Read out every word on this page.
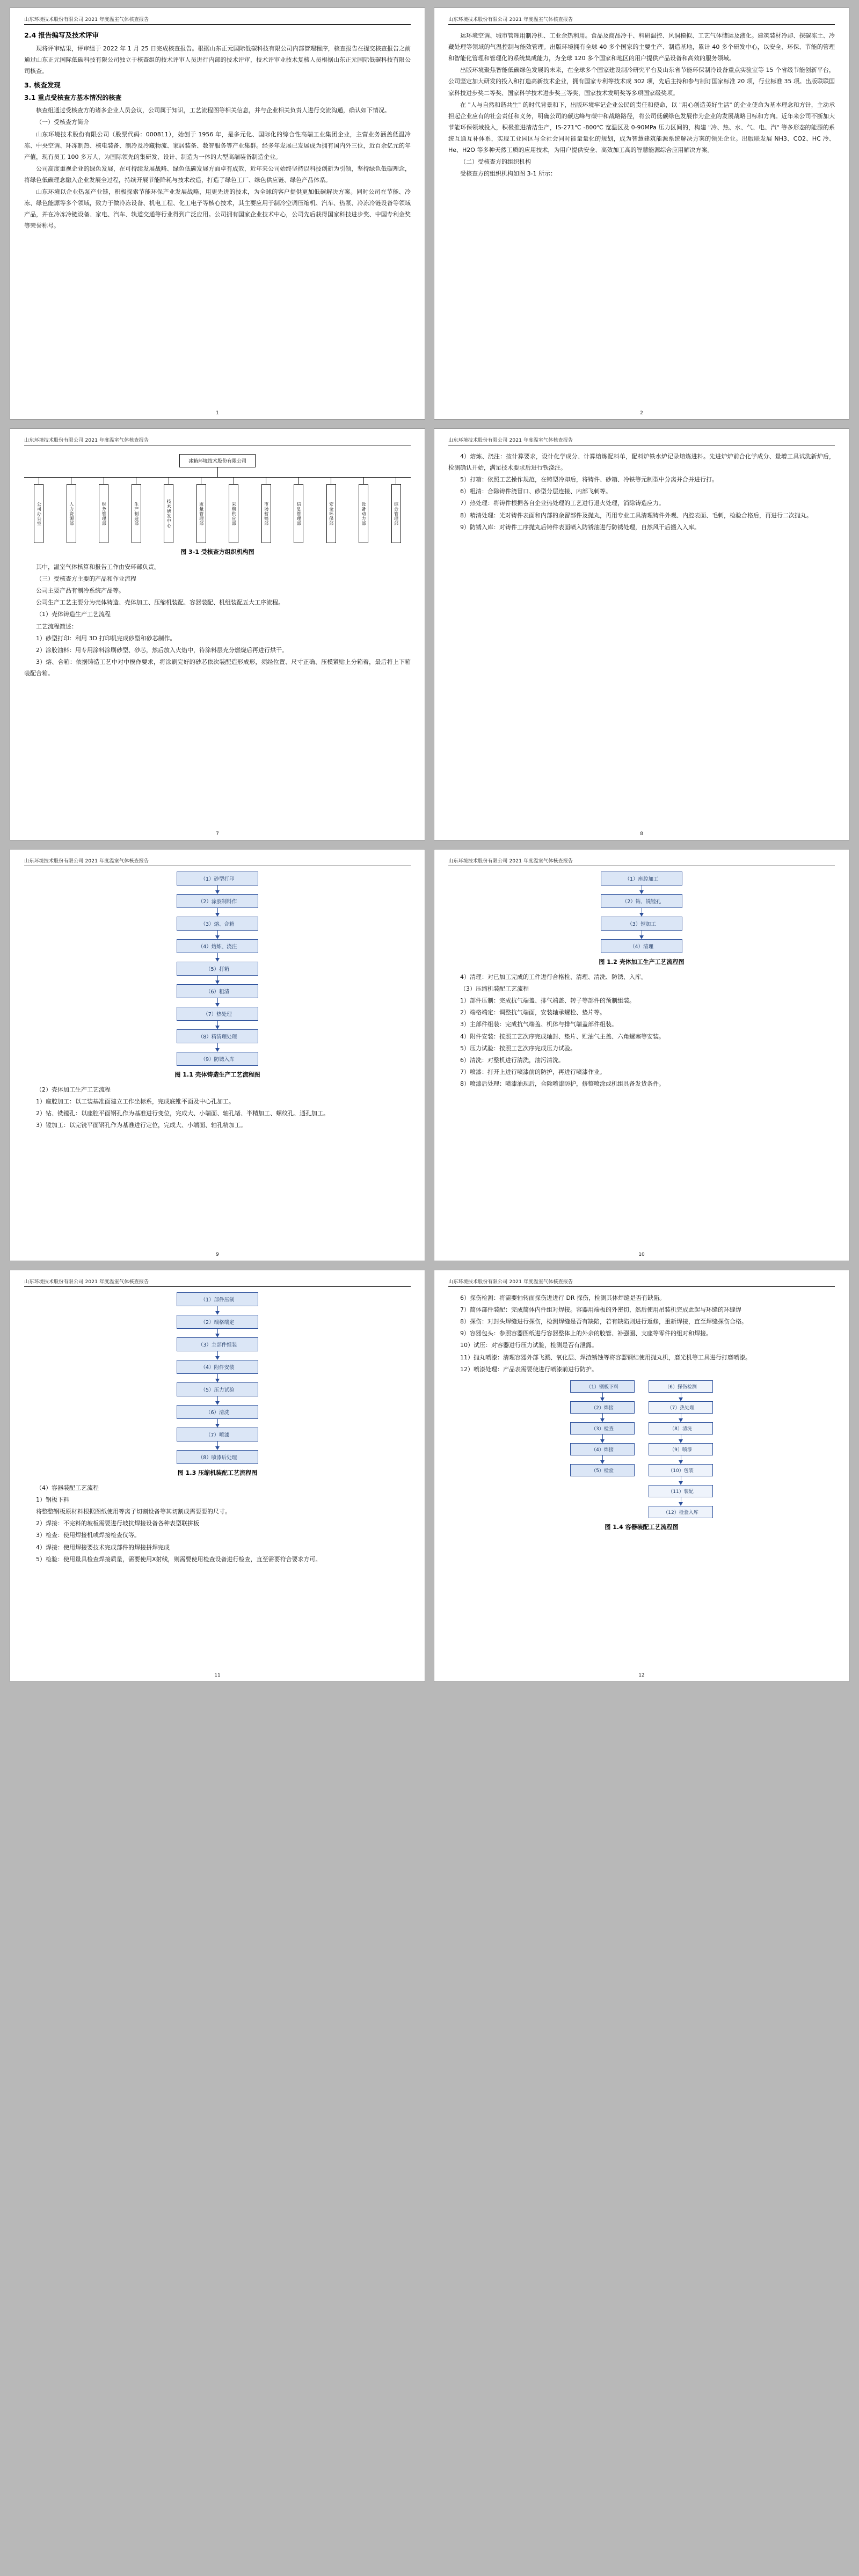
山东环境技术股份有限公司 2021 年度温室气体核查报告
2.4 报告编写及技术评审

现将评审结果，评审组于 2022 年 1 月 25 日完成核查报告。根据山东正元国际低碳科技有限公司内部管理程序，核查报告在提交核查报告之前通过山东正元国际低碳科技有限公司独立于核查组的技术评审人员进行内部的技术评审，技术评审业技术复核人员根据山东正元国际低碳科技有限公司核查。

3. 核查发现
3.1 重点受核查方基本情况的核查

核查组通过受核查方的诸多企业人员会议，公司属于知识，工艺流程图等相关信息，并与企业相关负责人进行交流沟通，确认如下情况。

（一）受核查方简介

山东环境技术股份有限公司（股票代码：000811），始创于 1956 年，是多元化、国际化的综合性高端工业集团企业，主营业务涵盖低温冷冻、中央空调、环冻制热、核电装备、制冷及冷藏物流、家居装备、数智服务等产业集群。经多年发展已发展成为拥有国内外三位，近百余亿元的年产值，现有员工 100 多万人，为国际领先的集研发、设计、制造为一体的大型高端装备制造企业。

公司高度重视企业的绿色发展，在可持续发展战略、绿色低碳发展方面卓有成效，近年来公司始终坚持以科技创新为引领，坚持绿色低碳理念，将绿色低碳理念融入企业发展全过程，持续开展节能降耗与技术改造，打造了绿色工厂、绿色供应链、绿色产品体系。

山东环境以企业热泵产业链，积极探索节能环保产业发展战略，用更先进的技术，为全球的客户提供更加低碳解决方案。同时公司在节能、冷冻、绿色能源等多个领域，致力于做冷冻设备、机电工程、化工电子等核心技术，其主要应用于制冷空调压缩机、汽车、热泵、冷冻冷链设备等领域产品，并在冷冻冷链设备、家电、汽车、轨道交通等行业得到广泛应用。公司拥有国家企业技术中心，公司先后获得国家科技进步奖、中国专利金奖等荣誉称号。

1
山东环境技术股份有限公司 2021 年度温室气体核查报告

运环境空调、城市管理用制冷机、工业余热利用。食品及商品冷干、科研温控、风洞模拟、工艺气体储运及液化。建筑装材冷却、探碳冻土、冷藏处理等领域的气温控制与能效管理。出版环境拥有全球 40 多个国家的主要生产、制造基地，累计 40 多个研发中心，以安全、环保、节能的管理和智能化管理和管理化的系统集成能力，为全球 120 多个国家和地区的用户提供产品设备和高效的服务领域。

出版环境聚焦智能低碳绿色发展的未来，在全球多个国家建设制冷研究平台及山东省节能环保制冷设备重点实验室等 15 个省级节能创新平台，公司坚定加大研发的投入和打造高新技术企业，拥有国家专利等技术成 302 项，先后主持和参与制订国家标准 20 项，行业标准 35 项。出版联联国家科技进步奖二等奖、国家科学技术进步奖三等奖，国家技术发明奖等多项国家级奖项。

在 "人与自然和谐共生" 的时代背景和下，出版环境牢记企业公民的责任和使命，以 "用心创造美好生活" 的企业使命为基本理念和方针，主动承担起企业应有的社会责任和义务，明确公司的碳达峰与碳中和战略路径，将公司低碳绿色发展作为企业的发展战略目标和方向。近年来公司不断加大节能环保领域投入，积极推进清洁生产，IS-271℃ -800℃ 宽温区及 0-90MPa 压力区间的，构建 "冷、热、水、气、电、汽" 等多形态的能源的系统互通互补体系，实现工业园区与全社会同时能量量化的规划，成为智慧建筑能源系统解决方案的领先企业。出版联发展 NH3、CO2、HC 冷、He、H2O 等多种天然工质的应用技术，为用户提供安全、高效加工高的智慧能源综合应用解决方案。

（二）受核查方的组织机构

受核查方的组织机构如图 3-1 所示：

2
山东环境技术股份有限公司 2021 年度温室气体核查报告
冰箱环境技术股份有限公司
公司办公室	人力资源部	财务管理部	生产制造部	技术研发中心	质量管理部	采购供应部	市场营销部	信息管理部	安全环保部	设备动力部	综合管理部
图 3-1 受核查方组织机构图

其中，温室气体核算和报告工作由安环部负责。

（三）受核查方主要的产品和作业流程

公司主要产品有制冷系统产品等。

公司生产工艺主要分为壳体铸造、壳体加工、压缩机装配、容器装配、机组装配五大工序流程。

（1）壳体铸造生产工艺流程

工艺流程简述：

1）砂型打印：利用 3D 打印机完成砂型和砂芯制作。

2）涂胶油料：用专用涂料涂刷砂型、砂芯，然后放入火焰中，待涂料层充分燃烧后再进行烘干。

3）熔、合箱：依据铸造工艺中对中模作要求，将涂刷完好的砂芯依次装配造形成形，须经位置、尺寸正确、压模紧贴上分箱着，最后将上下箱装配合箱。

7
山东环境技术股份有限公司 2021 年度温室气体核查报告

4）熔炼、浇注：按计算要求，设计化学成分、计算熔炼配料单，配料炉铁水炉记录熔炼进料。先进炉炉前合化学成分、量增工具试洗新炉后，检测确认开始，满足技术要求后进行铁浇注。

5）打箱：依照工艺操作规范，在铸型冷却后，将铸件、砂箱、冷铁等元制型中分离并合并进行打。

6）粗清：合除铸件浇冒口、砂型分层连接、内部飞刺等。

7）热处理：将铸件根据各自企业热处理的工艺进行退火处理，消除铸造应力。

8）精清处理：光对铸件表面和内部的余留部件及抛丸，再用专业工具清理铸件外观、内腔表面、毛刺，检验合格后，再进行二次抛丸。

9）防锈入库：对铸件工序抛丸后铸件表面喷入防锈油进行防锈处理，自然风干后搬入入库。

8
山东环境技术股份有限公司 2021 年度温室气体核查报告
（1）砂型打印
（2）涂胶制料作
（3）熔、合箱
（4）熔炼、浇注
（5）打箱
（6）粗清
（7）热处理
（8）精清理处理
（9）防锈入库
图 1.1 壳体铸造生产工艺流程图

（2）壳体加工生产工艺流程

1）座腔加工：以工装基准面建立工作坐标系，完成底锥平面及中心孔加工。

2）钻、铣镗孔：以座腔平面钢孔作为基准进行变位，完成大、小端面、轴孔堵、半精加工、螺纹孔、通孔加工。

3）镗加工：以完铣平面钢孔作为基准进行定位，完成大、小端面、轴孔精加工。

9
山东环境技术股份有限公司 2021 年度温室气体核查报告
（1）座腔加工
（2）钻、铣镗孔
（3）镗加工
（4）清理
图 1.2 壳体加工生产工艺流程图

4）清理：对已加工完成的工件进行合格检、清理、清洗、防锈、入库。

（3）压缩机装配工艺流程

1）部件压制：完成抗气端盖、排气端盖、转子等部件的预制组装。

2）端格端定：调整抗气端面，安装轴承螺栓、垫片等。

3）主部件组装：完成抗气端盖、机体与排气端盖部件组装。

4）附件安装：按照工艺次序完成轴封、垫片、贮油气主盖、六角螺塞等安装。

5）压力试验：按照工艺次序完成压力试验。

6）清洗：对整机进行清洗，油污清洗。

7）喷漆：打开上进行喷漆前的防护，再进行喷漆作业。

8）喷漆后处理：喷漆油现后，合除喷漆防护，修整喷涂或机组具备发货条件。

10
山东环境技术股份有限公司 2021 年度温室气体核查报告
（1）部件压制
（2）端格端定
（3）主部件组装
（4）附件安装
（5）压力试验
（6）清洗
（7）喷漆
（8）喷漆后处理
图 1.3 压缩机装配工艺流程图

（4）容器装配工艺流程

1）钢板下料

将整整钢板原材料根据图纸使用等离子切割设备等其切割成需要要的尺寸。

2）焊接：不完料的坡板需要进行坡抗焊接设备各种表型联拼板

3）检查：使用焊接机或焊接检查仪等。

4）焊接：使用焊接要技术完成部件的焊接拼焊完成

5）检验：使用量具检查焊接质量，需要使用X射线，则需要使用检查设备进行检查，直至需要符合要求方可。

11
山东环境技术股份有限公司 2021 年度温室气体核查报告

6）探伤检测：将需要轴转面探伤进进行 DR 探伤，检测其体焊缝是否有缺陷。

7）简体部件装配：完成简体内件组对焊接。容器用端板的外密切，然后使用吊装机完成此起与环缝的环缝焊

8）探伤：对封头焊缝进行探伤，检测焊缝是否有缺陷，若有缺陷则进行返修，重新焊接，直至焊缝探伤合格。

9）容器包头：参照容器图纸进行容器整体上的外余的胶管、补强圈、支座等零件的组对和焊接。

10）试压：对容器进行压力试验，检测是否有泄露。

11）抛丸喷漆：清理容器外部飞溅、氧化层、焊渣锈蚀等将容器钢结使用抛丸机，磨光机等工具进行打磨喷漆。

12）喷漆处理：产品表需要使进行喷漆前进行防护。

（1）钢板下料
（2）焊接
（3）检查
（4）焊接
（5）检验
（6）探伤检测
（7）热处理
（8）清洗
（9）喷漆
（10）包装
（11）装配
（12）检验入库
图 1.4 容器装配工艺流程图
12
